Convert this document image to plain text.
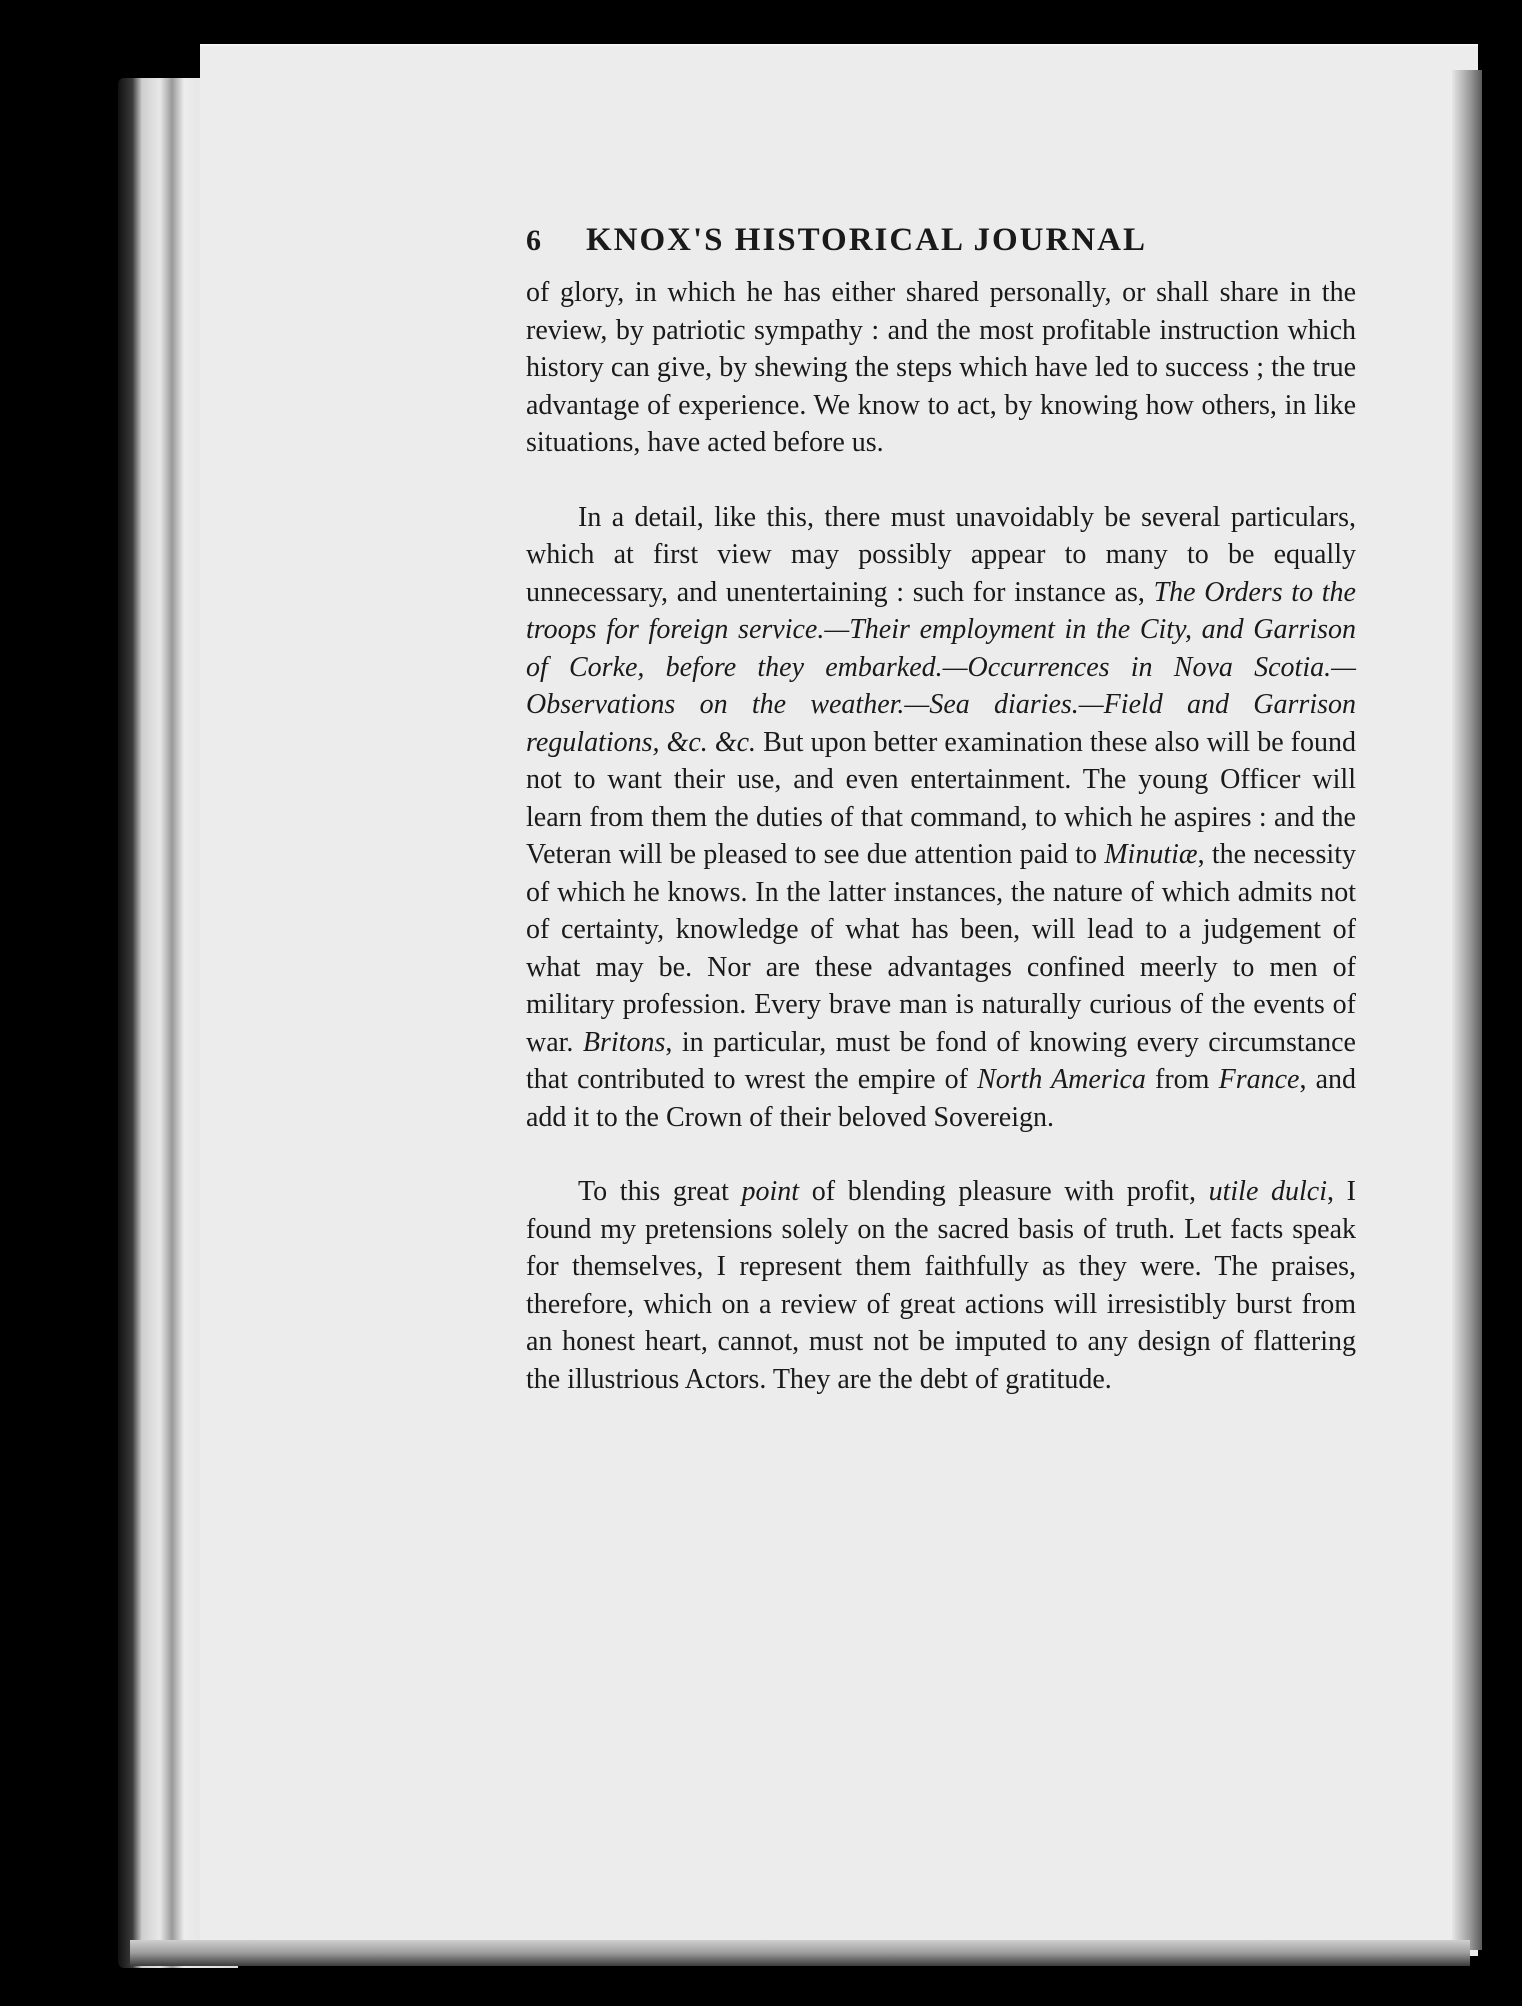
6	KNOX'S HISTORICAL JOURNAL

of glory, in which he has either shared personally, or shall share in the review, by patriotic sympathy : and the most profitable instruction which history can give, by shewing the steps which have led to success ; the true advantage of experience. We know to act, by knowing how others, in like situations, have acted before us.

In a detail, like this, there must unavoidably be several particulars, which at first view may possibly appear to many to be equally unnecessary, and unentertaining : such for instance as, The Orders to the troops for foreign service.—Their employment in the City, and Garrison of Corke, before they embarked.—Occurrences in Nova Scotia.—Observations on the weather.—Sea diaries.—Field and Garrison regulations, &c. &c. But upon better examination these also will be found not to want their use, and even entertainment. The young Officer will learn from them the duties of that command, to which he aspires : and the Veteran will be pleased to see due attention paid to Minutiæ, the necessity of which he knows. In the latter instances, the nature of which admits not of certainty, knowledge of what has been, will lead to a judgement of what may be. Nor are these advantages confined meerly to men of military profession. Every brave man is naturally curious of the events of war. Britons, in particular, must be fond of knowing every circumstance that contributed to wrest the empire of North America from France, and add it to the Crown of their beloved Sovereign.

To this great point of blending pleasure with profit, utile dulci, I found my pretensions solely on the sacred basis of truth. Let facts speak for themselves, I represent them faithfully as they were. The praises, therefore, which on a review of great actions will irresistibly burst from an honest heart, cannot, must not be imputed to any design of flattering the illustrious Actors. They are the debt of gratitude.
